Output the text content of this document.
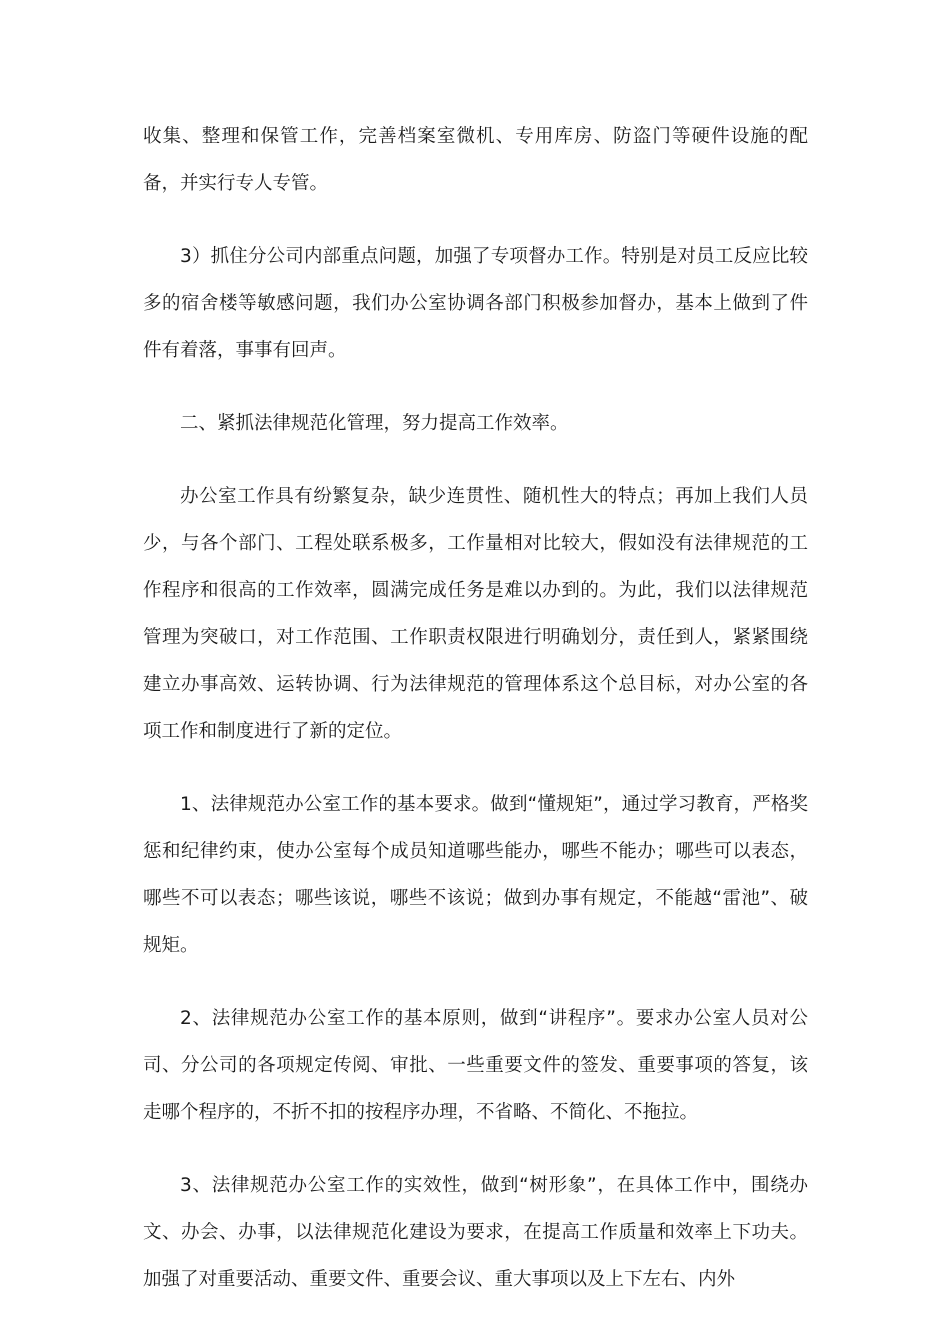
收集、整理和保管工作，完善档案室微机、专用库房、防盗门等硬件设施的配备，并实行专人专管。

3）抓住分公司内部重点问题，加强了专项督办工作。特别是对员工反应比较多的宿舍楼等敏感问题，我们办公室协调各部门积极参加督办，基本上做到了件件有着落，事事有回声。

二、紧抓法律规范化管理，努力提高工作效率。

办公室工作具有纷繁复杂，缺少连贯性、随机性大的特点；再加上我们人员少，与各个部门、工程处联系极多，工作量相对比较大，假如没有法律规范的工作程序和很高的工作效率，圆满完成任务是难以办到的。为此，我们以法律规范管理为突破口，对工作范围、工作职责权限进行明确划分，责任到人，紧紧围绕建立办事高效、运转协调、行为法律规范的管理体系这个总目标，对办公室的各项工作和制度进行了新的定位。

1、法律规范办公室工作的基本要求。做到“懂规矩”，通过学习教育，严格奖惩和纪律约束，使办公室每个成员知道哪些能办，哪些不能办；哪些可以表态，哪些不可以表态；哪些该说，哪些不该说；做到办事有规定，不能越“雷池”、破规矩。

2、法律规范办公室工作的基本原则，做到“讲程序”。要求办公室人员对公司、分公司的各项规定传阅、审批、一些重要文件的签发、重要事项的答复，该走哪个程序的，不折不扣的按程序办理，不省略、不简化、不拖拉。

3、法律规范办公室工作的实效性，做到“树形象”，在具体工作中，围绕办文、办会、办事，以法律规范化建设为要求，在提高工作质量和效率上下功夫。加强了对重要活动、重要文件、重要会议、重大事项以及上下左右、内外
